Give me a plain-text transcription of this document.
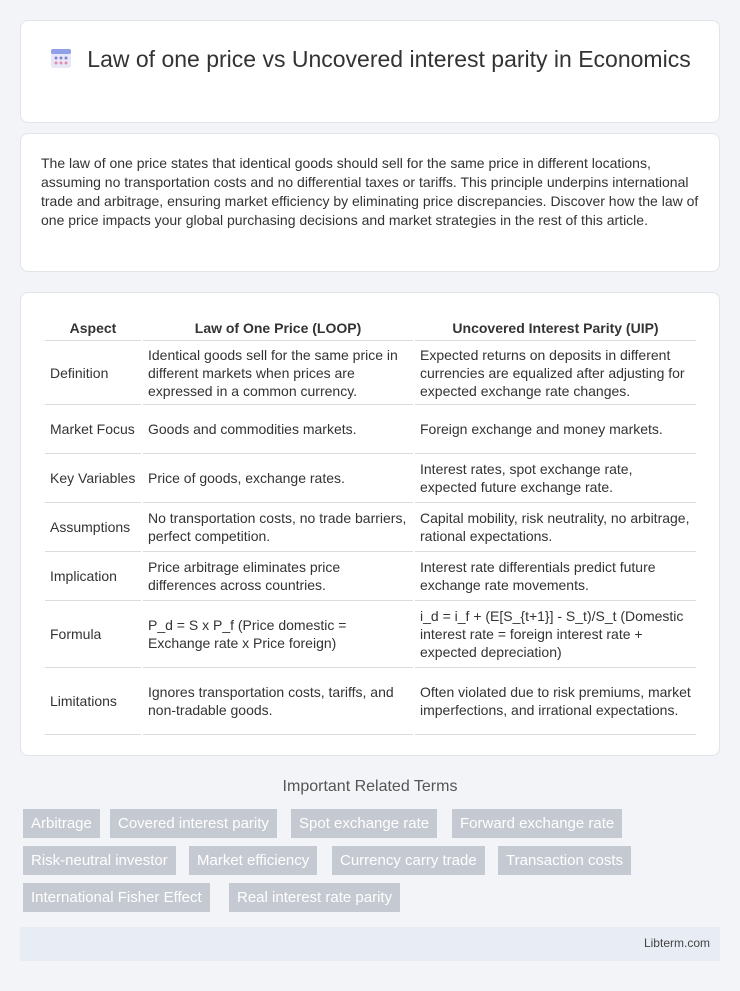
Law of one price vs Uncovered interest parity in Economics

The law of one price states that identical goods should sell for the same price in different locations, assuming no transportation costs and no differential taxes or tariffs. This principle underpins international trade and arbitrage, ensuring market efficiency by eliminating price discrepancies. Discover how the law of one price impacts your global purchasing decisions and market strategies in the rest of this article.

Aspect	Law of One Price (LOOP)	Uncovered Interest Parity (UIP)
Definition	Identical goods sell for the same price in different markets when prices are expressed in a common currency.	Expected returns on deposits in different currencies are equalized after adjusting for expected exchange rate changes.
Market Focus	Goods and commodities markets.	Foreign exchange and money markets.
Key Variables	Price of goods, exchange rates.	Interest rates, spot exchange rate, expected future exchange rate.
Assumptions	No transportation costs, no trade barriers, perfect competition.	Capital mobility, risk neutrality, no arbitrage, rational expectations.
Implication	Price arbitrage eliminates price differences across countries.	Interest rate differentials predict future exchange rate movements.
Formula	P_d = S x P_f (Price domestic = Exchange rate x Price foreign)	i_d = i_f + (E[S_{t+1}] - S_t)/S_t (Domestic interest rate = foreign interest rate + expected depreciation)
Limitations	Ignores transportation costs, tariffs, and non-tradable goods.	Often violated due to risk premiums, market imperfections, and irrational expectations.
Important Related Terms
Arbitrage	Covered interest parity	Spot exchange rate	Forward exchange rate
Risk-neutral investor	Market efficiency	Currency carry trade	Transaction costs
International Fisher Effect	Real interest rate parity
Libterm.com
